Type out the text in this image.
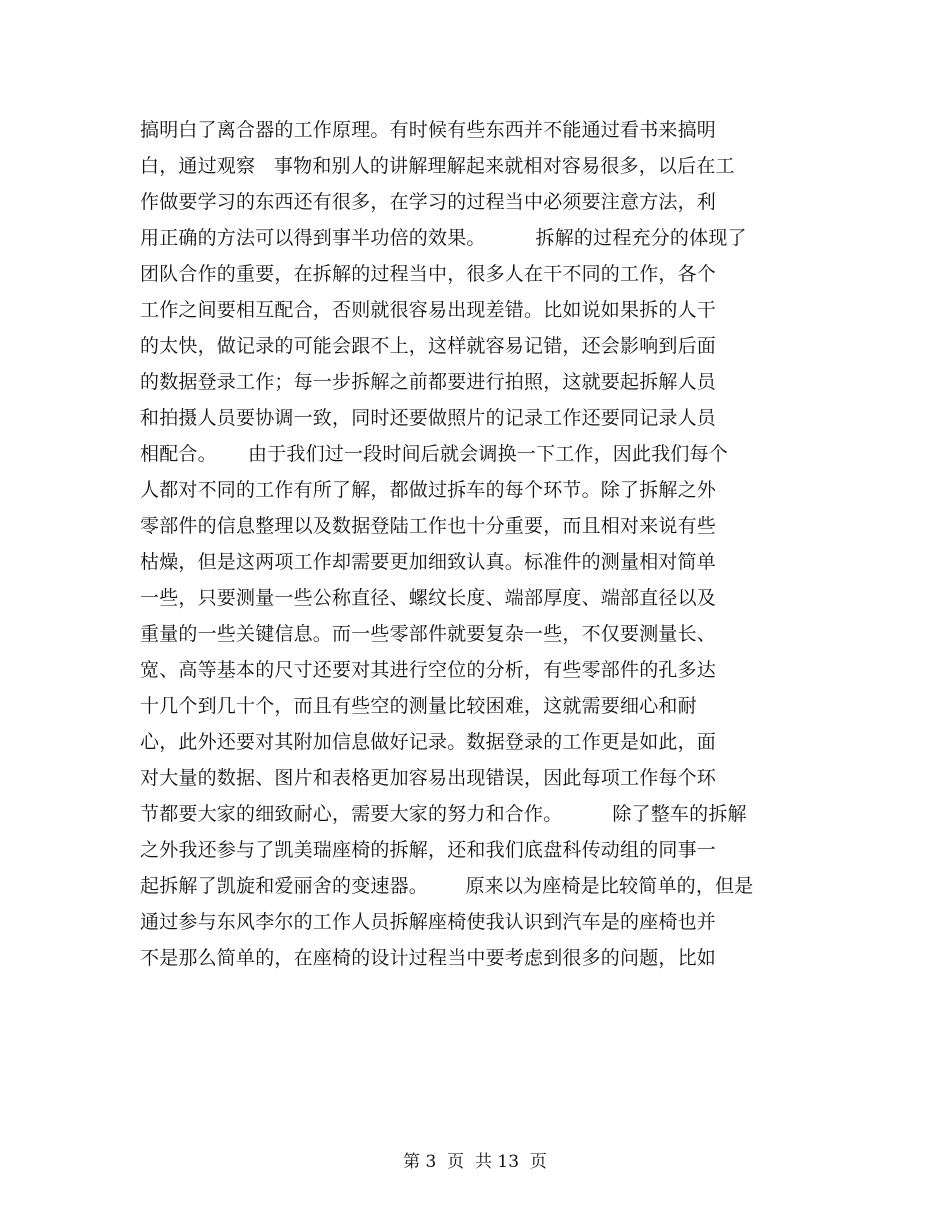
搞明白了离合器的工作原理。有时候有些东西并不能通过看书来搞明
白，通过观察   事物和别人的讲解理解起来就相对容易很多，以后在工
作做要学习的东西还有很多，在学习的过程当中必须要注意方法，利
用正确的方法可以得到事半功倍的效果。        拆解的过程充分的体现了
团队合作的重要，在拆解的过程当中，很多人在干不同的工作，各个
工作之间要相互配合，否则就很容易出现差错。比如说如果拆的人干
的太快，做记录的可能会跟不上，这样就容易记错，还会影响到后面
的数据登录工作；每一步拆解之前都要进行拍照，这就要起拆解人员
和拍摄人员要协调一致，同时还要做照片的记录工作还要同记录人员
相配合。     由于我们过一段时间后就会调换一下工作，因此我们每个
人都对不同的工作有所了解，都做过拆车的每个环节。除了拆解之外
零部件的信息整理以及数据登陆工作也十分重要，而且相对来说有些
枯燥，但是这两项工作却需要更加细致认真。标准件的测量相对简单
一些，只要测量一些公称直径、螺纹长度、端部厚度、端部直径以及
重量的一些关键信息。而一些零部件就要复杂一些，不仅要测量长、
宽、高等基本的尺寸还要对其进行空位的分析，有些零部件的孔多达
十几个到几十个，而且有些空的测量比较困难，这就需要细心和耐
心，此外还要对其附加信息做好记录。数据登录的工作更是如此，面
对大量的数据、图片和表格更加容易出现错误，因此每项工作每个环
节都要大家的细致耐心，需要大家的努力和合作。        除了整车的拆解
之外我还参与了凯美瑞座椅的拆解，还和我们底盘科传动组的同事一
起拆解了凯旋和爱丽舍的变速器。      原来以为座椅是比较简单的，但是
通过参与东风李尔的工作人员拆解座椅使我认识到汽车是的座椅也并
不是那么简单的，在座椅的设计过程当中要考虑到很多的问题，比如
第 3  页  共 13  页
